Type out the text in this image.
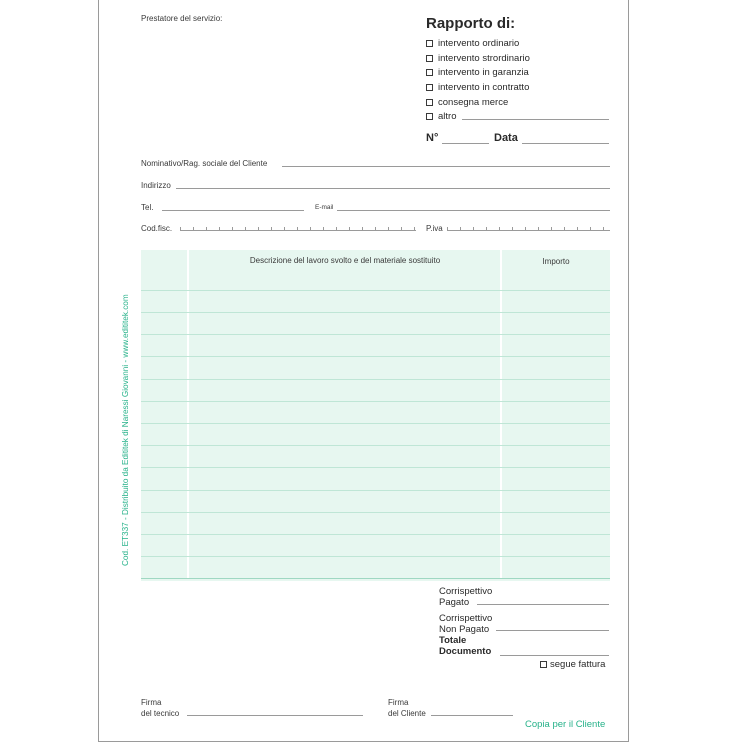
Prestatore del servizio:	Rapporto di:
intervento ordinario
intervento strordinario
intervento in garanzia
intervento in contratto
consegna merce
altro
N°	Data
Nominativo/Rag. sociale del Cliente
Indirizzo
Tel.	E-mail
Cod.fisc.	P.iva
Descrizione del lavoro svolto e del materiale sostituito	Importo
Cod. ET337 - Distribuito da Edititek di Naressi Giovanni - www.edititek.com
Corrispettivo
Pagato
Corrispettivo
Non Pagato
Totale
Documento
segue fattura
Firma
del tecnico
Firma
del Cliente
Copia per il Cliente
